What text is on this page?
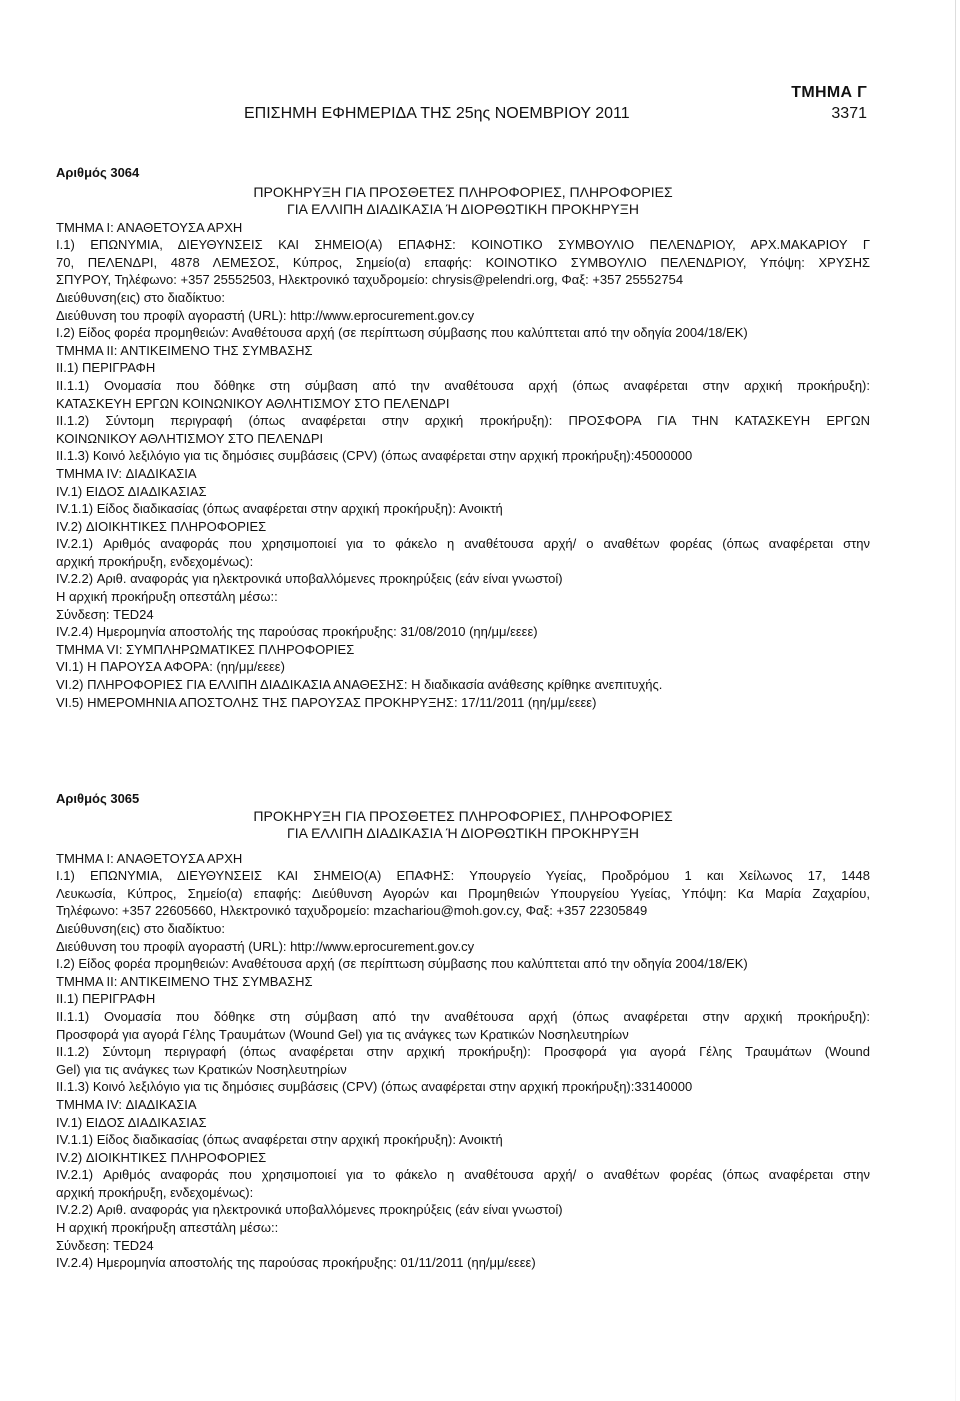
ΤΜΗΜΑ Γ
ΕΠΙΣΗΜΗ ΕΦΗΜΕΡΙΔΑ ΤΗΣ 25ης ΝΟΕΜΒΡΙΟΥ 2011	3371
Αριθμός 3064
ΠΡΟΚΗΡΥΞΗ ΓΙΑ ΠΡΟΣΘΕΤΕΣ ΠΛΗΡΟΦΟΡΙΕΣ, ΠΛΗΡΟΦΟΡΙΕΣ
ΓΙΑ ΕΛΛΙΠΗ ΔΙΑΔΙΚΑΣΙΑ Ή ΔΙΟΡΘΩΤΙΚΗ ΠΡΟΚΗΡΥΞΗ
ΤΜΗΜΑ Ι: ΑΝΑΘΕΤΟΥΣΑ ΑΡΧΗ
I.1) ΕΠΩΝΥΜΙΑ, ΔΙΕΥΘΥΝΣΕΙΣ ΚΑΙ ΣΗΜΕΙΟ(Α) ΕΠΑΦΗΣ: ΚΟΙΝΟΤΙΚΟ ΣΥΜΒΟΥΛΙΟ ΠΕΛΕΝΔΡΙΟΥ, ΑΡΧ.ΜΑΚΑΡΙΟΥ Γ
70, ΠΕΛΕΝΔΡΙ, 4878 ΛΕΜΕΣΟΣ, Κύπρος, Σημείο(α) επαφής: ΚΟΙΝΟΤΙΚΟ ΣΥΜΒΟΥΛΙΟ ΠΕΛΕΝΔΡΙΟΥ, Υπόψη: ΧΡΥΣΗΣ
ΣΠΥΡΟΥ, Τηλέφωνο: +357 25552503, Ηλεκτρονικό ταχυδρομείο: chrysis@pelendri.org, Φαξ: +357 25552754
Διεύθυνση(εις) στο διαδίκτυο:
Διεύθυνση του προφίλ αγοραστή (URL): http://www.eprocurement.gov.cy
I.2) Είδος φορέα προμηθειών: Αναθέτουσα αρχή (σε περίπτωση σύμβασης που καλύπτεται από την οδηγία 2004/18/ΕΚ)
ΤΜΗΜΑ ΙΙ: ΑΝΤΙΚΕΙΜΕΝΟ ΤΗΣ ΣΥΜΒΑΣΗΣ
II.1) ΠΕΡΙΓΡΑΦΗ
II.1.1) Ονομασία που δόθηκε στη σύμβαση από την αναθέτουσα αρχή (όπως αναφέρεται στην αρχική προκήρυξη):
ΚΑΤΑΣΚΕΥΗ ΕΡΓΩΝ ΚΟΙΝΩΝΙΚΟΥ ΑΘΛΗΤΙΣΜΟΥ ΣΤΟ ΠΕΛΕΝΔΡΙ
II.1.2) Σύντομη περιγραφή (όπως αναφέρεται στην αρχική προκήρυξη): ΠΡΟΣΦΟΡΑ ΓΙΑ ΤΗΝ ΚΑΤΑΣΚΕΥΗ ΕΡΓΩΝ
ΚΟΙΝΩΝΙΚΟΥ ΑΘΛΗΤΙΣΜΟΥ ΣΤΟ ΠΕΛΕΝΔΡΙ
II.1.3) Κοινό λεξιλόγιο για τις δημόσιες συμβάσεις (CPV) (όπως αναφέρεται στην αρχική προκήρυξη):45000000
ΤΜΗΜΑ IV: ΔΙΑΔΙΚΑΣΙΑ
IV.1) ΕΙΔΟΣ ΔΙΑΔΙΚΑΣΙΑΣ
IV.1.1) Είδος διαδικασίας (όπως αναφέρεται στην αρχική προκήρυξη): Ανοικτή
IV.2) ΔΙΟΙΚΗΤΙΚΕΣ ΠΛΗΡΟΦΟΡΙΕΣ
IV.2.1) Αριθμός αναφοράς που χρησιμοποιεί για το φάκελο η αναθέτουσα αρχή/ ο αναθέτων φορέας (όπως αναφέρεται στην
αρχική προκήρυξη, ενδεχομένως):
IV.2.2) Αριθ. αναφοράς για ηλεκτρονικά υποβαλλόμενες προκηρύξεις (εάν είναι γνωστοί)
Η αρχική προκήρυξη οπεστάλη μέσω::
Σύνδεση: TED24
IV.2.4) Ημερομηνία αποστολής της παρούσας προκήρυξης: 31/08/2010 (ηη/μμ/εεεε)
ΤΜΗΜΑ VI: ΣΥΜΠΛΗΡΩΜΑΤΙΚΕΣ ΠΛΗΡΟΦΟΡΙΕΣ
VI.1) Η ΠΑΡΟΥΣΑ ΑΦΟΡΑ: (ηη/μμ/εεεε)
VI.2) ΠΛΗΡΟΦΟΡΙΕΣ ΓΙΑ ΕΛΛΙΠΗ ΔΙΑΔΙΚΑΣΙΑ ΑΝΑΘΕΣΗΣ: Η διαδικασία ανάθεσης κρίθηκε ανεπιτυχής.
VI.5) ΗΜΕΡΟΜΗΝΙΑ ΑΠΟΣΤΟΛΗΣ ΤΗΣ ΠΑΡΟΥΣΑΣ ΠΡΟΚΗΡΥΞΗΣ: 17/11/2011 (ηη/μμ/εεεε)
Αριθμός 3065
ΠΡΟΚΗΡΥΞΗ ΓΙΑ ΠΡΟΣΘΕΤΕΣ ΠΛΗΡΟΦΟΡΙΕΣ, ΠΛΗΡΟΦΟΡΙΕΣ
ΓΙΑ ΕΛΛΙΠΗ ΔΙΑΔΙΚΑΣΙΑ Ή ΔΙΟΡΘΩΤΙΚΗ ΠΡΟΚΗΡΥΞΗ
ΤΜΗΜΑ Ι: ΑΝΑΘΕΤΟΥΣΑ ΑΡΧΗ
I.1) ΕΠΩΝΥΜΙΑ, ΔΙΕΥΘΥΝΣΕΙΣ ΚΑΙ ΣΗΜΕΙΟ(Α) ΕΠΑΦΗΣ: Υπουργείο Υγείας, Προδρόμου 1 και Χείλωνος 17, 1448
Λευκωσία, Κύπρος, Σημείο(α) επαφής: Διεύθυνση Αγορών και Προμηθειών Υπουργείου Υγείας, Υπόψη: Κα Μαρία Ζαχαρίου,
Τηλέφωνο: +357 22605660, Ηλεκτρονικό ταχυδρομείο: mzachariou@moh.gov.cy, Φαξ: +357 22305849
Διεύθυνση(εις) στο διαδίκτυο:
Διεύθυνση του προφίλ αγοραστή (URL): http://www.eprocurement.gov.cy
I.2) Είδος φορέα προμηθειών: Αναθέτουσα αρχή (σε περίπτωση σύμβασης που καλύπτεται από την οδηγία 2004/18/ΕΚ)
ΤΜΗΜΑ ΙΙ: ΑΝΤΙΚΕΙΜΕΝΟ ΤΗΣ ΣΥΜΒΑΣΗΣ
II.1) ΠΕΡΙΓΡΑΦΗ
II.1.1) Ονομασία που δόθηκε στη σύμβαση από την αναθέτουσα αρχή (όπως αναφέρεται στην αρχική προκήρυξη):
Προσφορά για αγορά Γέλης Τραυμάτων (Wound Gel) για τις ανάγκες των Κρατικών Νοσηλευτηρίων
II.1.2) Σύντομη περιγραφή (όπως αναφέρεται στην αρχική προκήρυξη): Προσφορά για αγορά Γέλης Τραυμάτων (Wound
Gel) για τις ανάγκες των Κρατικών Νοσηλευτηρίων
II.1.3) Κοινό λεξιλόγιο για τις δημόσιες συμβάσεις (CPV) (όπως αναφέρεται στην αρχική προκήρυξη):33140000
ΤΜΗΜΑ IV: ΔΙΑΔΙΚΑΣΙΑ
IV.1) ΕΙΔΟΣ ΔΙΑΔΙΚΑΣΙΑΣ
IV.1.1) Είδος διαδικασίας (όπως αναφέρεται στην αρχική προκήρυξη): Ανοικτή
IV.2) ΔΙΟΙΚΗΤΙΚΕΣ ΠΛΗΡΟΦΟΡΙΕΣ
IV.2.1) Αριθμός αναφοράς που χρησιμοποιεί για το φάκελο η αναθέτουσα αρχή/ ο αναθέτων φορέας (όπως αναφέρεται στην
αρχική προκήρυξη, ενδεχομένως):
IV.2.2) Αριθ. αναφοράς για ηλεκτρονικά υποβαλλόμενες προκηρύξεις (εάν είναι γνωστοί)
Η αρχική προκήρυξη απεστάλη μέσω::
Σύνδεση: TED24
IV.2.4) Ημερομηνία αποστολής της παρούσας προκήρυξης: 01/11/2011 (ηη/μμ/εεεε)
